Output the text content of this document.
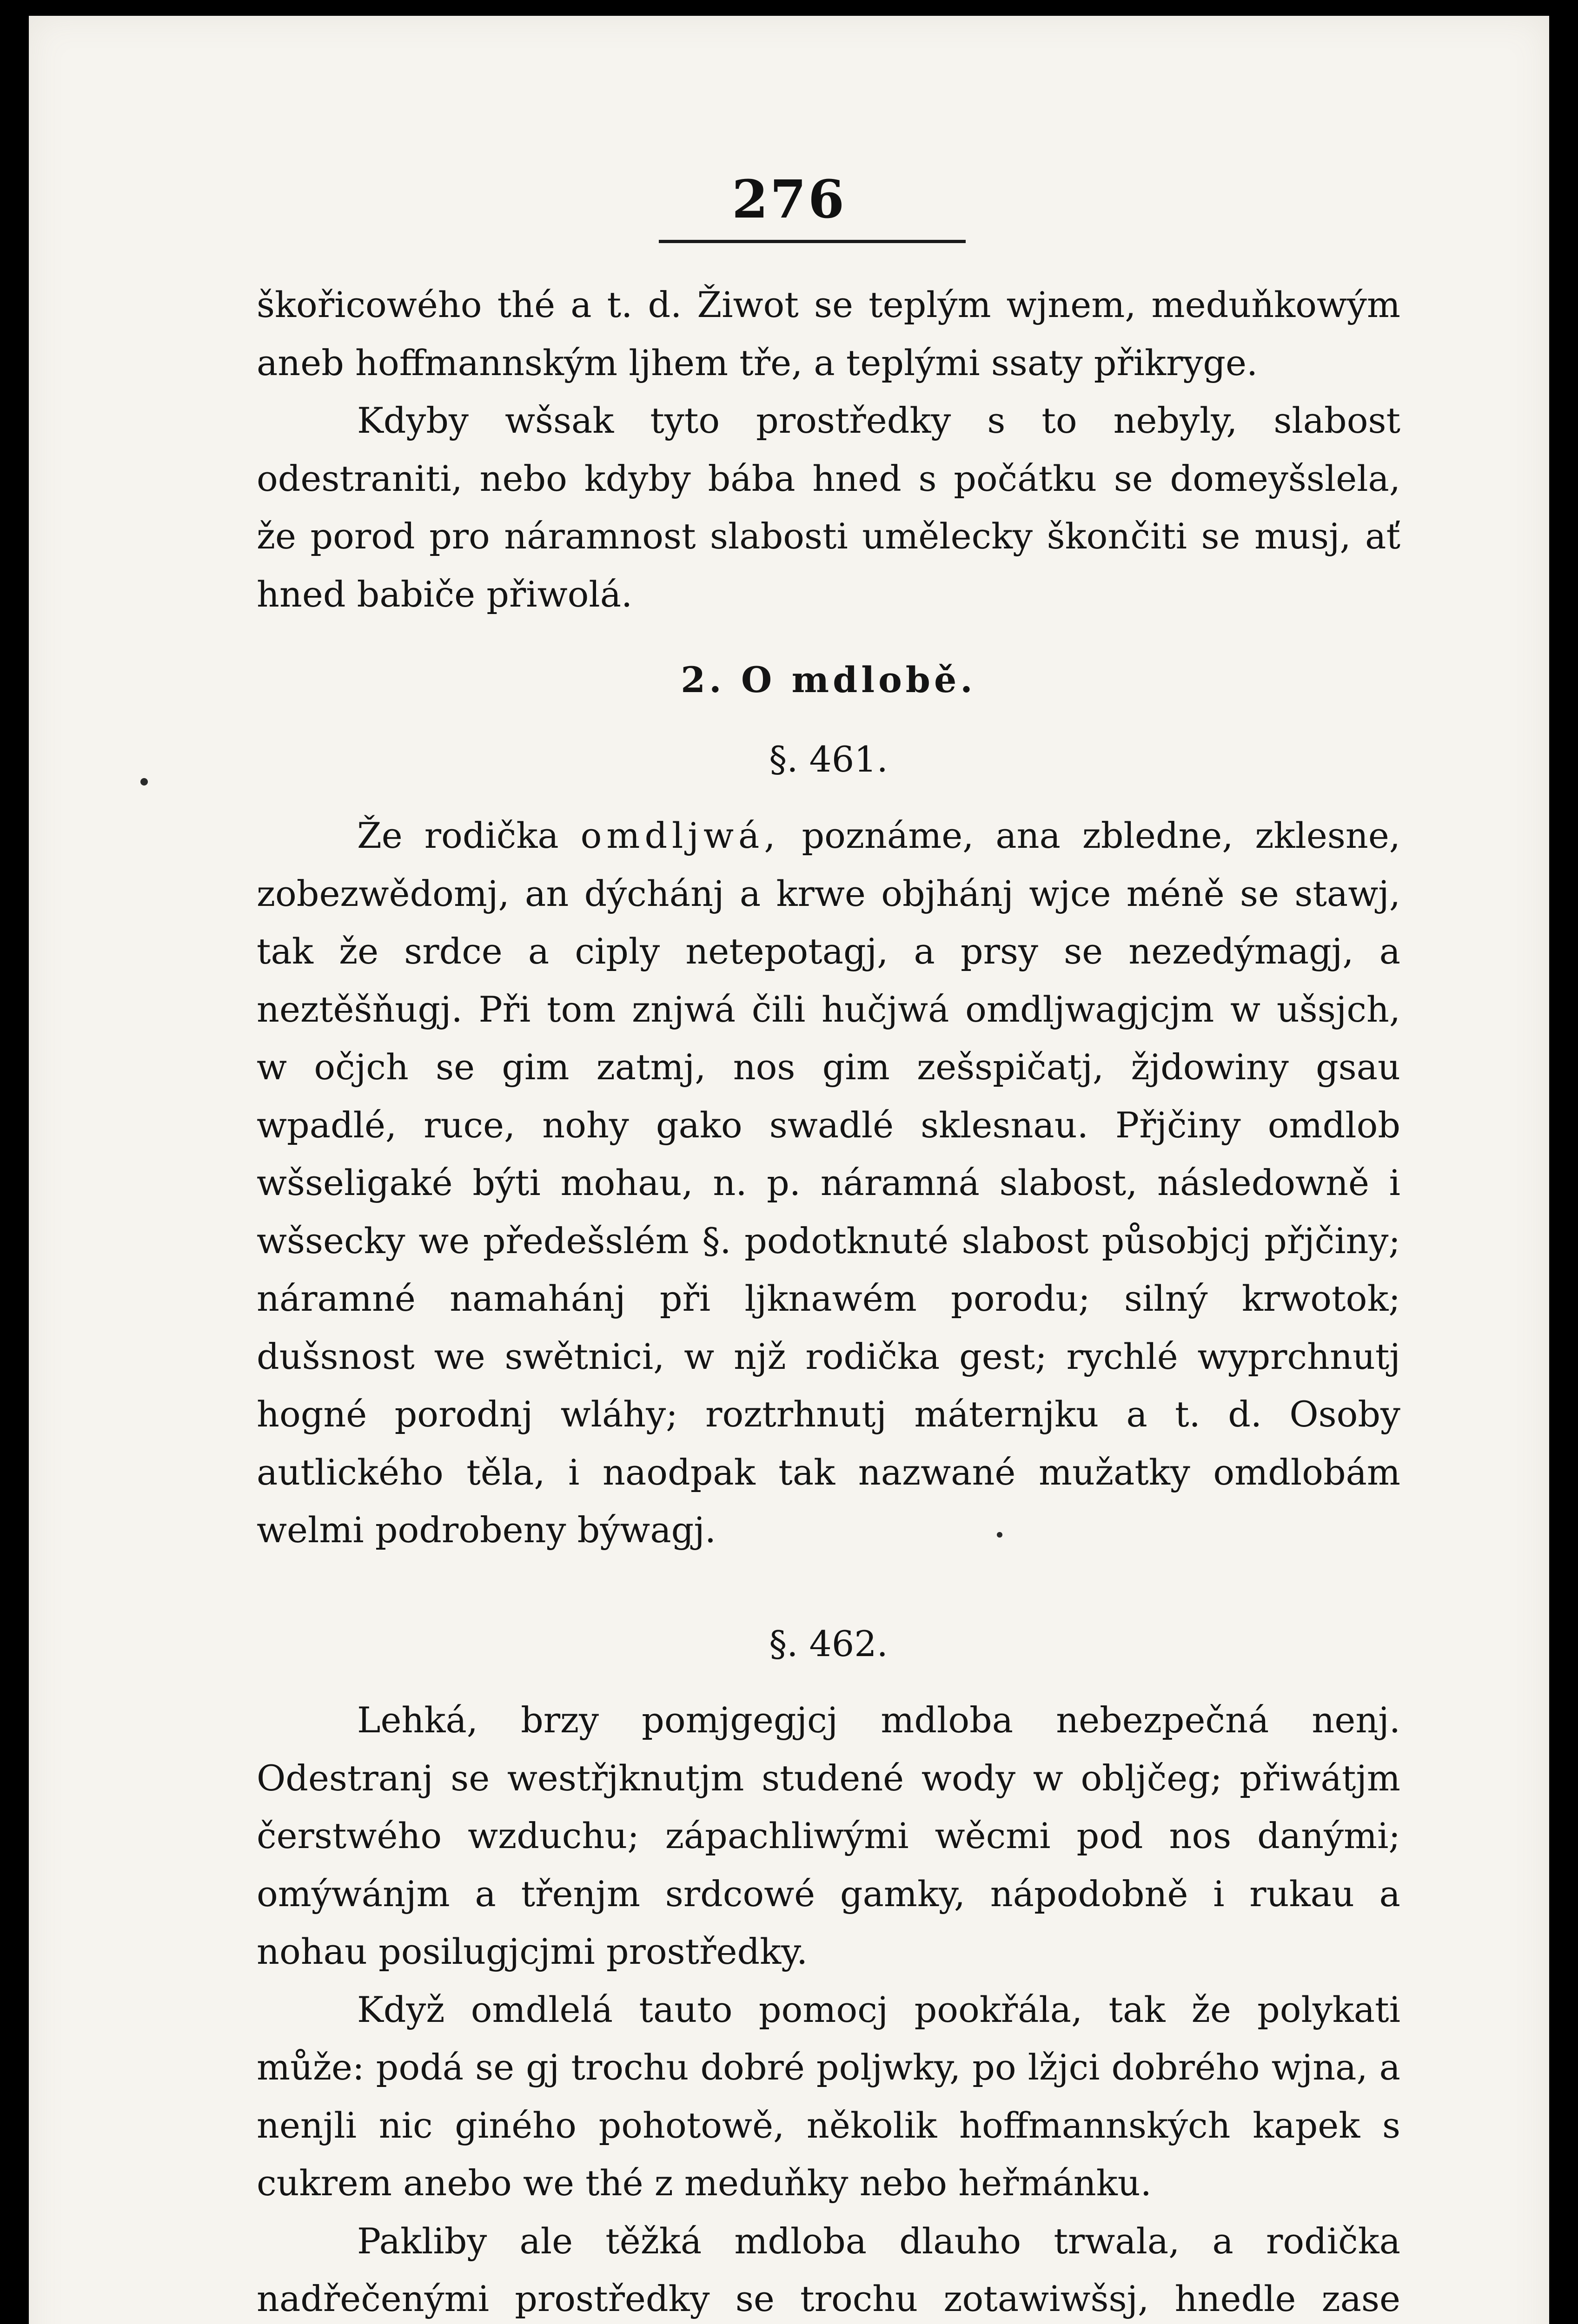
276

škořicowého thé a t. d. Žiwot se teplým wjnem, meduňkowým aneb hoffmannským ljhem tře, a teplými ssaty přikryge.

Kdyby wšsak tyto prostředky s to nebyly, slabost odestraniti, nebo kdyby bába hned s počátku se domeyšslela, že porod pro náramnost slabosti umělecky škončiti se musj, ať hned babiče přiwolá.

2. O mdlobě.

§. 461.

Že rodička omdljwá, poznáme, ana zbledne, zklesne, zobezwědomj, an dýchánj a krwe objhánj wjce méně se stawj, tak že srdce a ciply netepotagj, a prsy se nezedýmagj, a neztěšňugj. Při tom znjwá čili hučjwá omdljwagjcjm w ušsjch, w očjch se gim zatmj, nos gim zešspičatj, žjdowiny gsau wpadlé, ruce, nohy gako swadlé sklesnau. Přjčiny omdlob wšseligaké býti mohau, n. p. náramná slabost, následowně i wšsecky we předešslém §. podotknuté slabost působjcj přjčiny; náramné namahánj při ljknawém porodu; silný krwotok; dušsnost we swětnici, w njž rodička gest; rychlé wyprchnutj hogné porodnj wláhy; roztrhnutj máternjku a t. d. Osoby autlického těla, i naodpak tak nazwané mužatky omdlobám welmi podrobeny býwagj.

§. 462.

Lehká, brzy pomjgegjcj mdloba nebezpečná nenj. Odestranj se westřjknutjm studené wody w obljčeg; přiwátjm čerstwého wzduchu; zápachliwými wěcmi pod nos danými; omýwánjm a třenjm srdcowé gamky, nápodobně i rukau a nohau posilugjcjmi prostředky.

Když omdlelá tauto pomocj pookřála, tak že polykati může: podá se gj trochu dobré poljwky, po lžjci dobrého wjna, a nenjli nic giného pohotowě, několik hoffmannských kapek s cukrem anebo we thé z meduňky nebo heřmánku.

Pakliby ale těžká mdloba dlauho trwala, a rodička nadřečenými prostředky se trochu zotawiwšsj, hnedle zase
